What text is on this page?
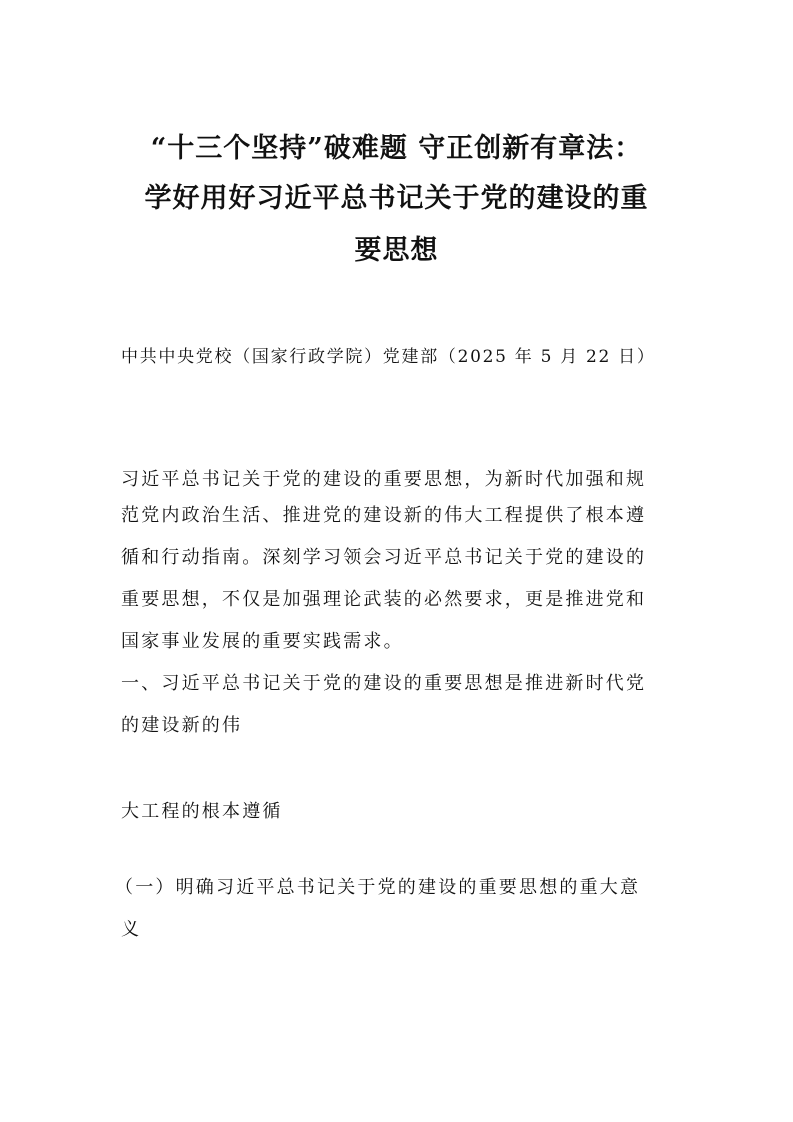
“十三个坚持”破难题 守正创新有章法：
学好用好习近平总书记关于党的建设的重
要思想
中共中央党校（国家行政学院）党建部（2025 年 5 月 22 日）
习近平总书记关于党的建设的重要思想，为新时代加强和规
范党内政治生活、推进党的建设新的伟大工程提供了根本遵
循和行动指南。深刻学习领会习近平总书记关于党的建设的
重要思想，不仅是加强理论武装的必然要求，更是推进党和
国家事业发展的重要实践需求。
一、习近平总书记关于党的建设的重要思想是推进新时代党
的建设新的伟
大工程的根本遵循
（一）明确习近平总书记关于党的建设的重要思想的重大意
义
